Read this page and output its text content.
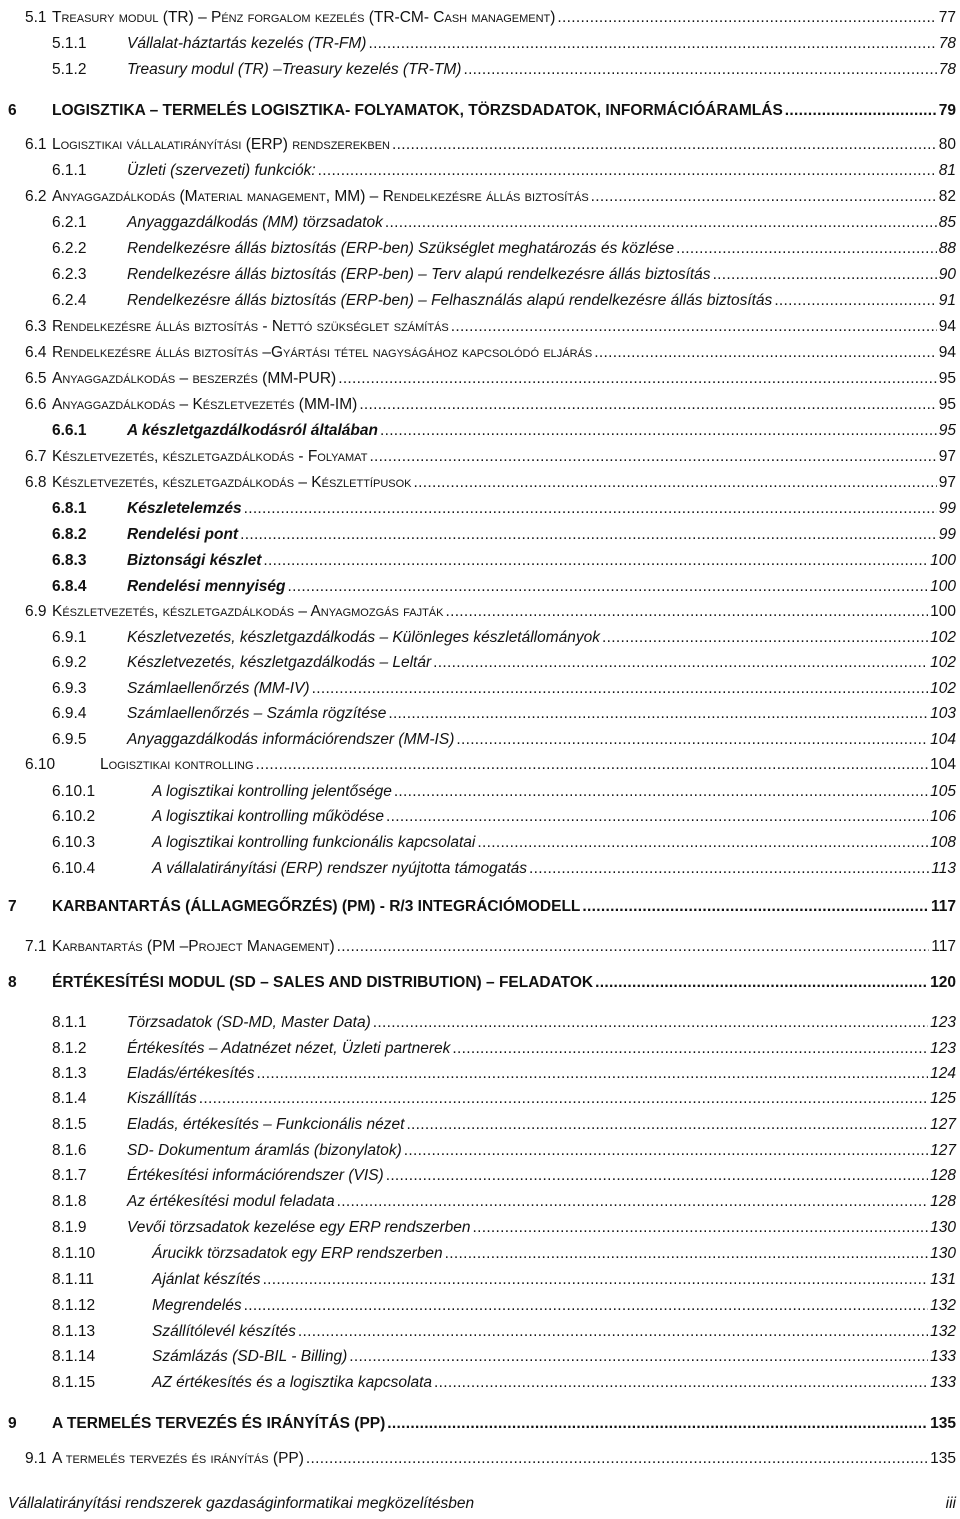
5.1 Treasury modul (TR) – Pénz forgalom kezelés (TR-CM- Cash management) . . .	77
5.1.1	Vállalat-háztartás kezelés (TR-FM) . . .	78
5.1.2	Treasury modul (TR) –Treasury kezelés (TR-TM) . . .	78
6	LOGISZTIKA – TERMELÉS LOGISZTIKA- FOLYAMATOK, TÖRZSDADATOK, INFORMÁCIÓÁRAMLÁS . . .	79
6.1 Logisztikai vállalatirányítási (ERP) rendszerekben . . .	80
6.1.1	Üzleti (szervezeti) funkciók: . . .	81
6.2 Anyaggazdálkodás (Material management, MM) – Rendelkezésre állás biztosítás . . .	82
6.2.1	Anyaggazdálkodás (MM) törzsadatok . . .	85
6.2.2	Rendelkezésre állás biztosítás (ERP-ben) Szükséglet meghatározás és közlése . . .	88
6.2.3	Rendelkezésre állás biztosítás (ERP-ben) – Terv alapú rendelkezésre állás biztosítás . . .	90
6.2.4	Rendelkezésre állás biztosítás (ERP-ben) – Felhasználás alapú rendelkezésre állás biztosítás . . .	91
6.3 Rendelkezésre állás biztosítás - Nettó szükséglet számítás . . .	94
6.4 Rendelkezésre állás biztosítás –Gyártási tétel nagyságához kapcsolódó eljárás . . .	94
6.5 Anyaggazdálkodás – beszerzés (MM-PUR) . . .	95
6.6 Anyaggazdálkodás – Készletvezetés (MM-IM) . . .	95
6.6.1	A készletgazdálkodásról általában . . .	95
6.7 Készletvezetés, készletgazdálkodás - Folyamat . . .	97
6.8 Készletvezetés, készletgazdálkodás – Készlettípusok . . .	97
6.8.1	Készletelemzés . . .	99
6.8.2	Rendelési pont . . .	99
6.8.3	Biztonsági készlet . . .	100
6.8.4	Rendelési mennyiség . . .	100
6.9 Készletvezetés, készletgazdálkodás – Anyagmozgás fajták . . .	100
6.9.1	Készletvezetés, készletgazdálkodás – Különleges készletállományok . . .	102
6.9.2	Készletvezetés, készletgazdálkodás – Leltár . . .	102
6.9.3	Számlaellenőrzés (MM-IV) . . .	102
6.9.4	Számlaellenőrzés – Számla rögzítése . . .	103
6.9.5	Anyaggazdálkodás információrendszer (MM-IS) . . .	104
6.10	Logisztikai kontrolling . . .	104
6.10.1	A logisztikai kontrolling jelentősége . . .	105
6.10.2	A logisztikai kontrolling működése . . .	106
6.10.3	A logisztikai kontrolling funkcionális kapcsolatai . . .	108
6.10.4	A vállalatirányítási (ERP) rendszer nyújtotta támogatás . . .	113
7	KARBANTARTÁS (ÁLLAGMEGŐRZÉS) (PM) - R/3 INTEGRÁCIÓMODELL . . .	117
7.1 Karbantartás (PM –Project Management) . . .	117
8	ÉRTÉKESÍTÉSI MODUL (SD – SALES AND DISTRIBUTION) – FELADATOK . . .	120
8.1.1	Törzsadatok (SD-MD, Master Data) . . .	123
8.1.2	Értékesítés – Adatnézet nézet, Üzleti partnerek . . .	123
8.1.3	Eladás/értékesítés . . .	124
8.1.4	Kiszállítás . . .	125
8.1.5	Eladás, értékesítés – Funkcionális nézet . . .	127
8.1.6	SD- Dokumentum áramlás (bizonylatok) . . .	127
8.1.7	Értékesítési információrendszer (VIS) . . .	128
8.1.8	Az értékesítési modul feladata . . .	128
8.1.9	Vevői törzsadatok kezelése egy ERP rendszerben . . .	130
8.1.10	Árucikk törzsadatok egy ERP rendszerben . . .	130
8.1.11	Ajánlat készítés . . .	131
8.1.12	Megrendelés . . .	132
8.1.13	Szállítólevél készítés . . .	132
8.1.14	Számlázás (SD-BIL - Billing) . . .	133
8.1.15	AZ értékesítés és a logisztika kapcsolata . . .	133
9	A TERMELÉS TERVEZÉS ÉS IRÁNYÍTÁS (PP) . . .	135
9.1 A termelés tervezés és irányítás (PP) . . .	135
Vállalatirányítási rendszerek gazdaságinformatikai megközelítésben	iii
